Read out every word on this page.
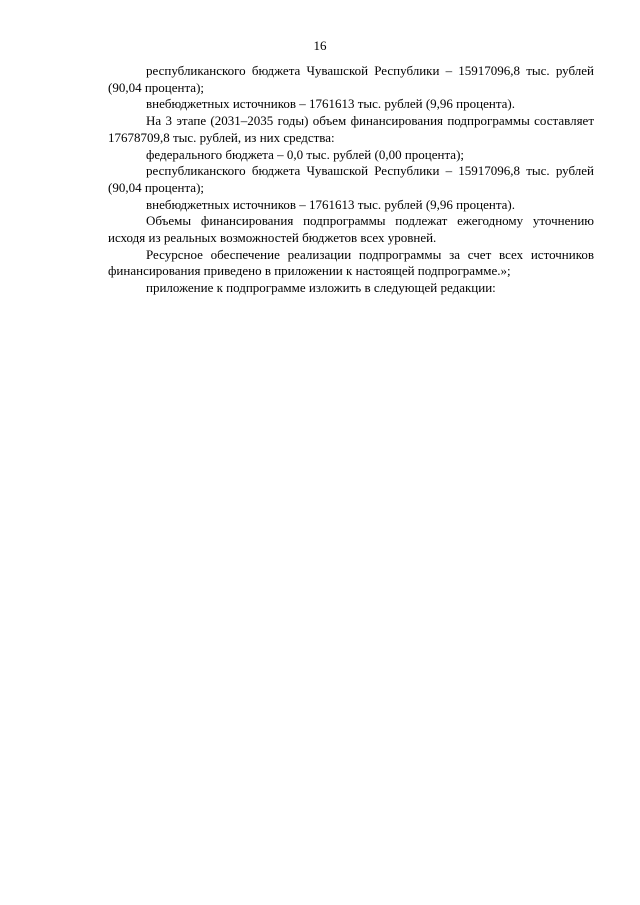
16

республиканского бюджета Чувашской Республики – 15917096,8 тыс. рублей (90,04 процента);

внебюджетных источников – 1761613 тыс. рублей (9,96 процента).

На 3 этапе (2031–2035 годы) объем финансирования подпрограммы составляет 17678709,8 тыс. рублей, из них средства:

федерального бюджета – 0,0 тыс. рублей (0,00 процента);

республиканского бюджета Чувашской Республики – 15917096,8 тыс. рублей (90,04 процента);

внебюджетных источников – 1761613 тыс. рублей (9,96 процента).

Объемы финансирования подпрограммы подлежат ежегодному уточнению исходя из реальных возможностей бюджетов всех уровней.

Ресурсное обеспечение реализации подпрограммы за счет всех источников финансирования приведено в приложении к настоящей подпрограмме.»;

приложение к подпрограмме изложить в следующей редакции:
